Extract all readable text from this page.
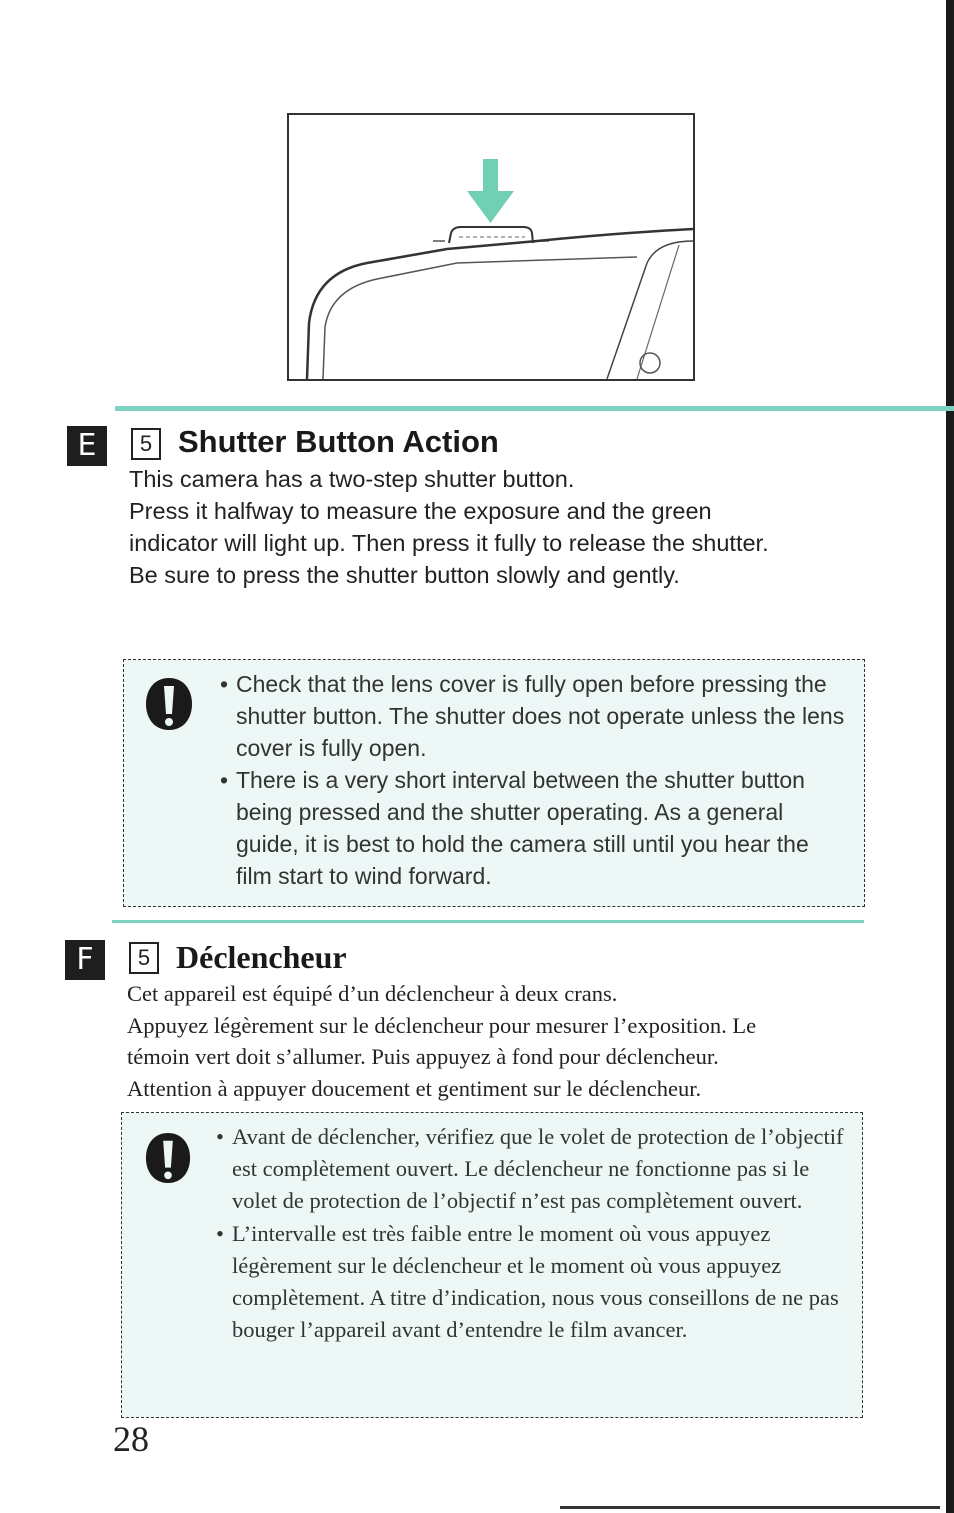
E	5 Shutter Button Action

This camera has a two-step shutter button.

Press it halfway to measure the exposure and the green

indicator will light up. Then press it fully to release the shutter.

Be sure to press the shutter button slowly and gently.

• Check that the lens cover is fully open before pressing the shutter button. The shutter does not operate unless the lens cover is fully open.
• There is a very short interval between the shutter button being pressed and the shutter operating. As a general guide, it is best to hold the camera still until you hear the film start to wind forward.
F	5 Déclencheur

Cet appareil est équipé d’un déclencheur à deux crans.

Appuyez légèrement sur le déclencheur pour mesurer l’exposition. Le

témoin vert doit s’allumer. Puis appuyez à fond pour déclencheur.

Attention à appuyer doucement et gentiment sur le déclencheur.

• Avant de déclencher, vérifiez que le volet de protection de l’objectif est complètement ouvert. Le déclencheur ne fonctionne pas si le volet de protection de l’objectif n’est pas complètement ouvert.
• L’intervalle est très faible entre le moment où vous appuyez légèrement sur le déclencheur et le moment où vous appuyez complètement. A titre d’indication, nous vous conseillons de ne pas bouger l’appareil avant d’entendre le film avancer.
28
